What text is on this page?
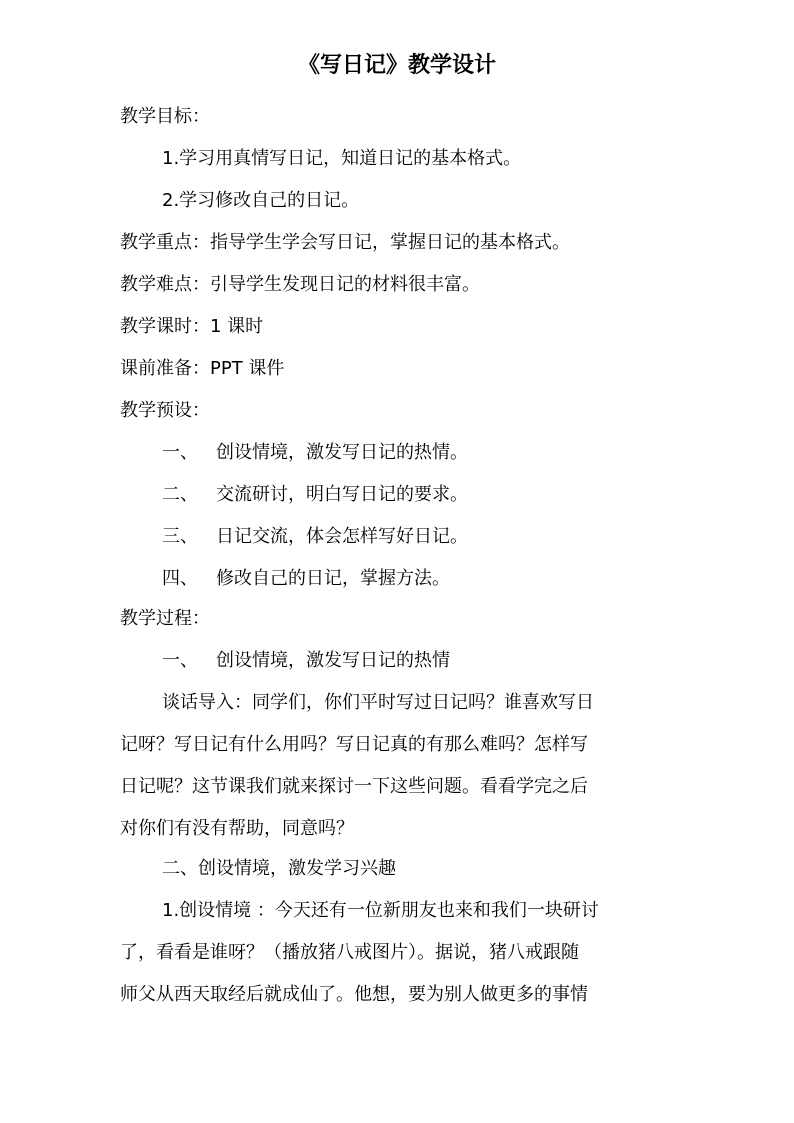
《写日记》教学设计
教学目标：
1.学习用真情写日记，知道日记的基本格式。
2.学习修改自己的日记。
教学重点：指导学生学会写日记，掌握日记的基本格式。
教学难点：引导学生发现日记的材料很丰富。
教学课时：1 课时
课前准备：PPT 课件
教学预设：
一、 创设情境，激发写日记的热情。
二、 交流研讨，明白写日记的要求。
三、 日记交流，体会怎样写好日记。
四、 修改自己的日记，掌握方法。
教学过程：
一、 创设情境，激发写日记的热情
谈话导入：同学们，你们平时写过日记吗？谁喜欢写日
记呀？写日记有什么用吗？写日记真的有那么难吗？怎样写
日记呢？这节课我们就来探讨一下这些问题。看看学完之后
对你们有没有帮助，同意吗？
二、创设情境，激发学习兴趣
1.创设情境 ：今天还有一位新朋友也来和我们一块研讨
了，看看是谁呀？（播放猪八戒图片）。据说，猪八戒跟随
师父从西天取经后就成仙了。他想，要为别人做更多的事情
